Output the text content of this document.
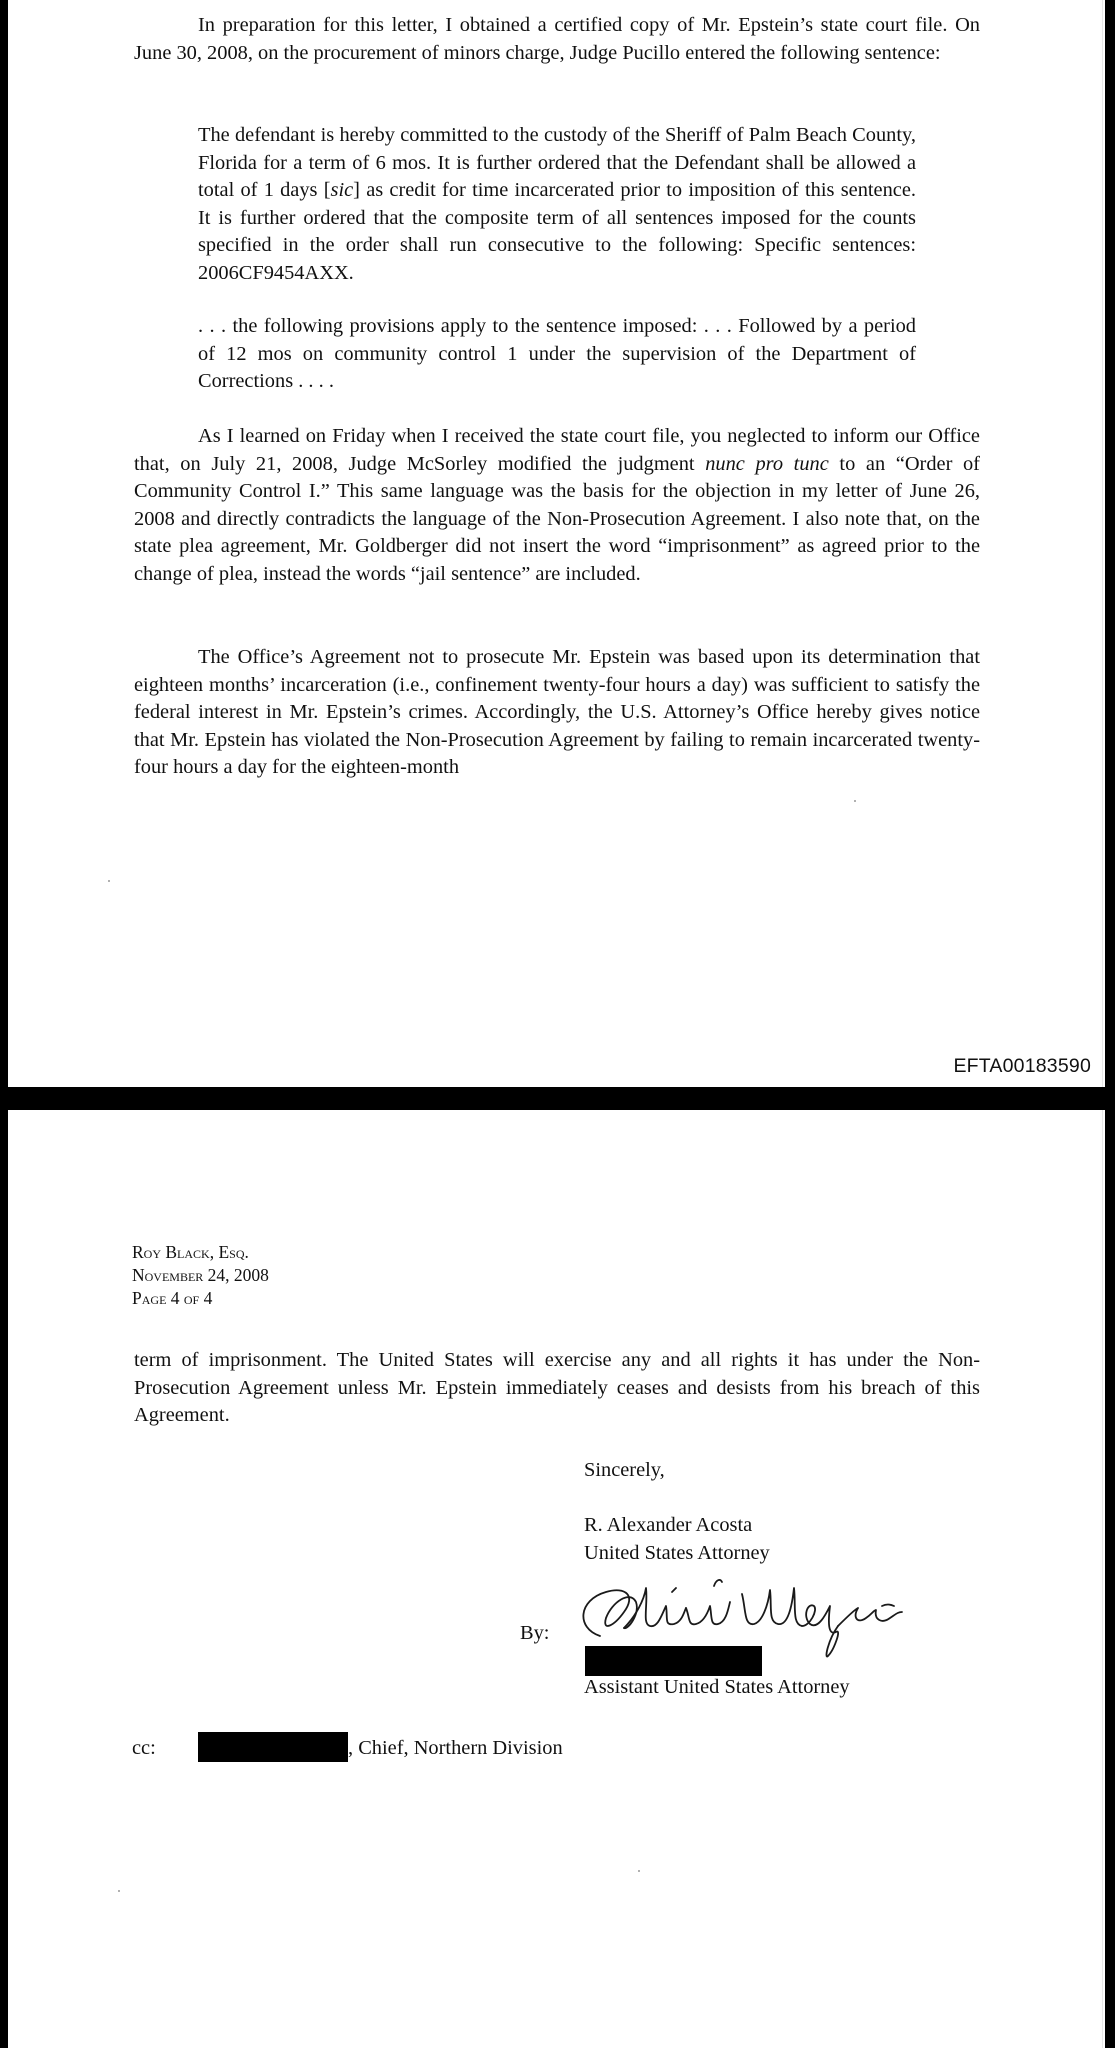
In preparation for this letter, I obtained a certified copy of Mr. Epstein’s state court file. On June 30, 2008, on the procurement of minors charge, Judge Pucillo entered the following sentence:

The defendant is hereby committed to the custody of the Sheriff of Palm Beach County, Florida for a term of 6 mos. It is further ordered that the Defendant shall be allowed a total of 1 days [sic] as credit for time incarcerated prior to imposition of this sentence. It is further ordered that the composite term of all sentences imposed for the counts specified in the order shall run consecutive to the following: Specific sentences: 2006CF9454AXX.

. . . the following provisions apply to the sentence imposed: . . . Followed by a period of 12 mos on community control 1 under the supervision of the Department of Corrections . . . .

As I learned on Friday when I received the state court file, you neglected to inform our Office that, on July 21, 2008, Judge McSorley modified the judgment nunc pro tunc to an “Order of Community Control I.” This same language was the basis for the objection in my letter of June 26, 2008 and directly contradicts the language of the Non-Prosecution Agreement. I also note that, on the state plea agreement, Mr. Goldberger did not insert the word “imprisonment” as agreed prior to the change of plea, instead the words “jail sentence” are included.

The Office’s Agreement not to prosecute Mr. Epstein was based upon its determination that eighteen months’ incarceration (i.e., confinement twenty-four hours a day) was sufficient to satisfy the federal interest in Mr. Epstein’s crimes. Accordingly, the U.S. Attorney’s Office hereby gives notice that Mr. Epstein has violated the Non-Prosecution Agreement by failing to remain incarcerated twenty-four hours a day for the eighteen-month

EFTA00183590

Roy Black, Esq.

November 24, 2008

Page 4 of 4

term of imprisonment. The United States will exercise any and all rights it has under the Non-Prosecution Agreement unless Mr. Epstein immediately ceases and desists from his breach of this Agreement.

Sincerely,

R. Alexander Acosta

United States Attorney

By:

Assistant United States Attorney

cc:	, Chief, Northern Division
